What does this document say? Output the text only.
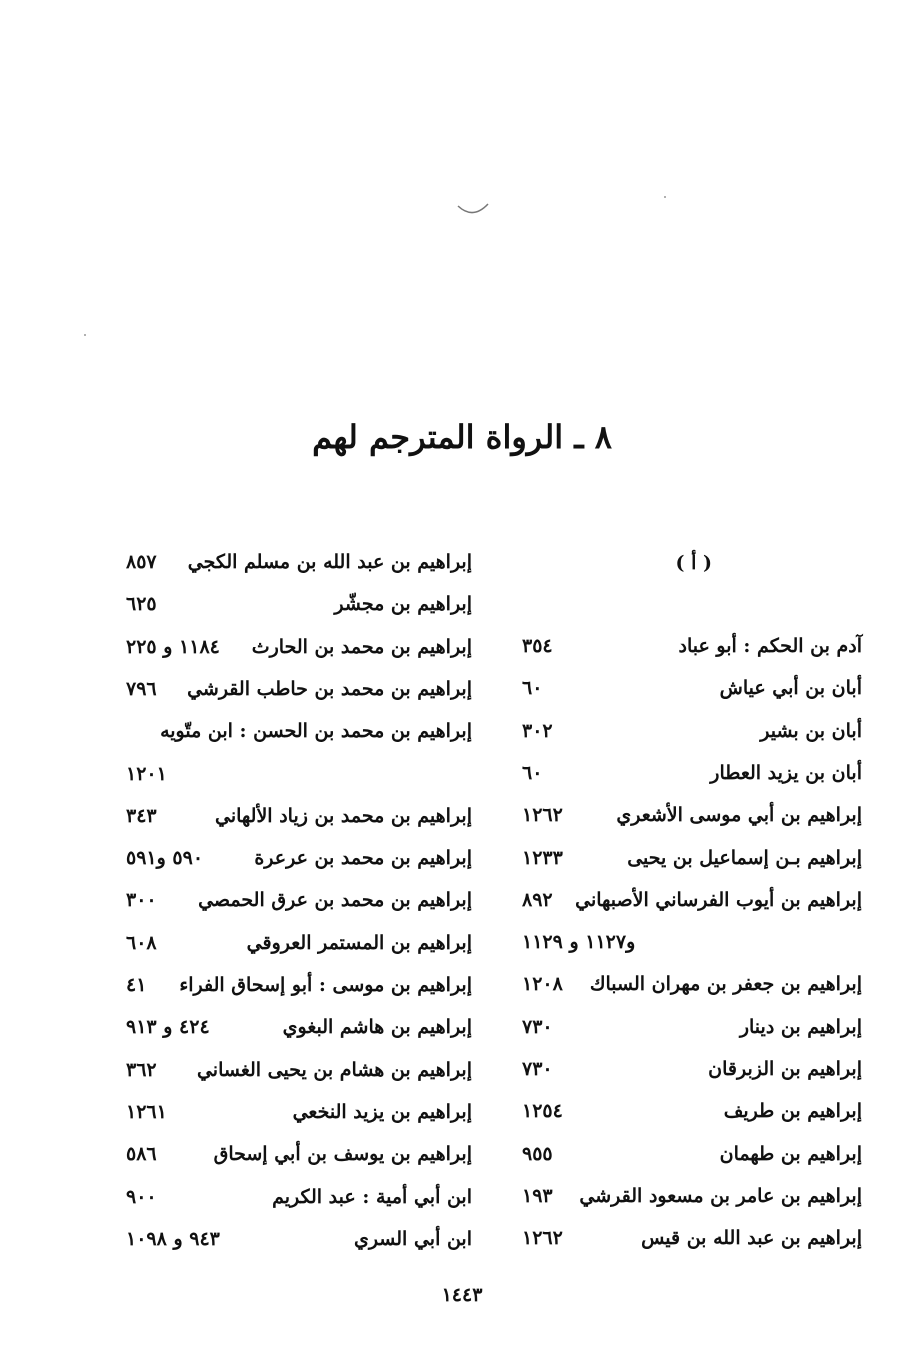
٨ ـ الرواة المترجم لهم
( أ )
آدم بن الحكم : أبو عباد
٣٥٤
أبان بن أبي عياش
٦٠
أبان بن بشير
٣٠٢
أبان بن يزيد العطار
٦٠
إبراهيم بن أبي موسى الأشعري
١٢٦٢
إبراهيم بـن إسماعيل بن يحيى
١٢٣٣
إبراهيم بن أيوب الفرساني الأصبهاني
٨٩٢
و١١٢٧ و ١١٢٩
إبراهيم بن جعفر بن مهران السباك
١٢٠٨
إبراهيم بن دينار
٧٣٠
إبراهيم بن الزبرقان
٧٣٠
إبراهيم بن طريف
١٢٥٤
إبراهيم بن طهمان
٩٥٥
إبراهيم بن عامر بن مسعود القرشي
١٩٣
إبراهيم بن عبد الله بن قيس
١٢٦٢
إبراهيم بن عبد الله بن مسلم الكجي
٨٥٧
إبراهيم بن مجشّر
٦٢٥
إبراهيم بن محمد بن الحارث
١١٨٤ و ٢٢٥
إبراهيم بن محمد بن حاطب القرشي
٧٩٦
إبراهيم بن محمد بن الحسن : ابن متّويه
١٢٠١
إبراهيم بن محمد بن زياد الألهاني
٣٤٣
إبراهيم بن محمد بن عرعرة
٥٩٠ و٥٩١
إبراهيم بن محمد بن عرق الحمصي
٣٠٠
إبراهيم بن المستمر العروقي
٦٠٨
إبراهيم بن موسى : أبو إسحاق الفراء
٤١
إبراهيم بن هاشم البغوي
٤٢٤ و ٩١٣
إبراهيم بن هشام بن يحيى الغساني
٣٦٢
إبراهيم بن يزيد النخعي
١٢٦١
إبراهيم بن يوسف بن أبي إسحاق
٥٨٦
ابن أبي أمية : عبد الكريم
٩٠٠
ابن أبي السري
٩٤٣ و ١٠٩٨
١٤٤٣
